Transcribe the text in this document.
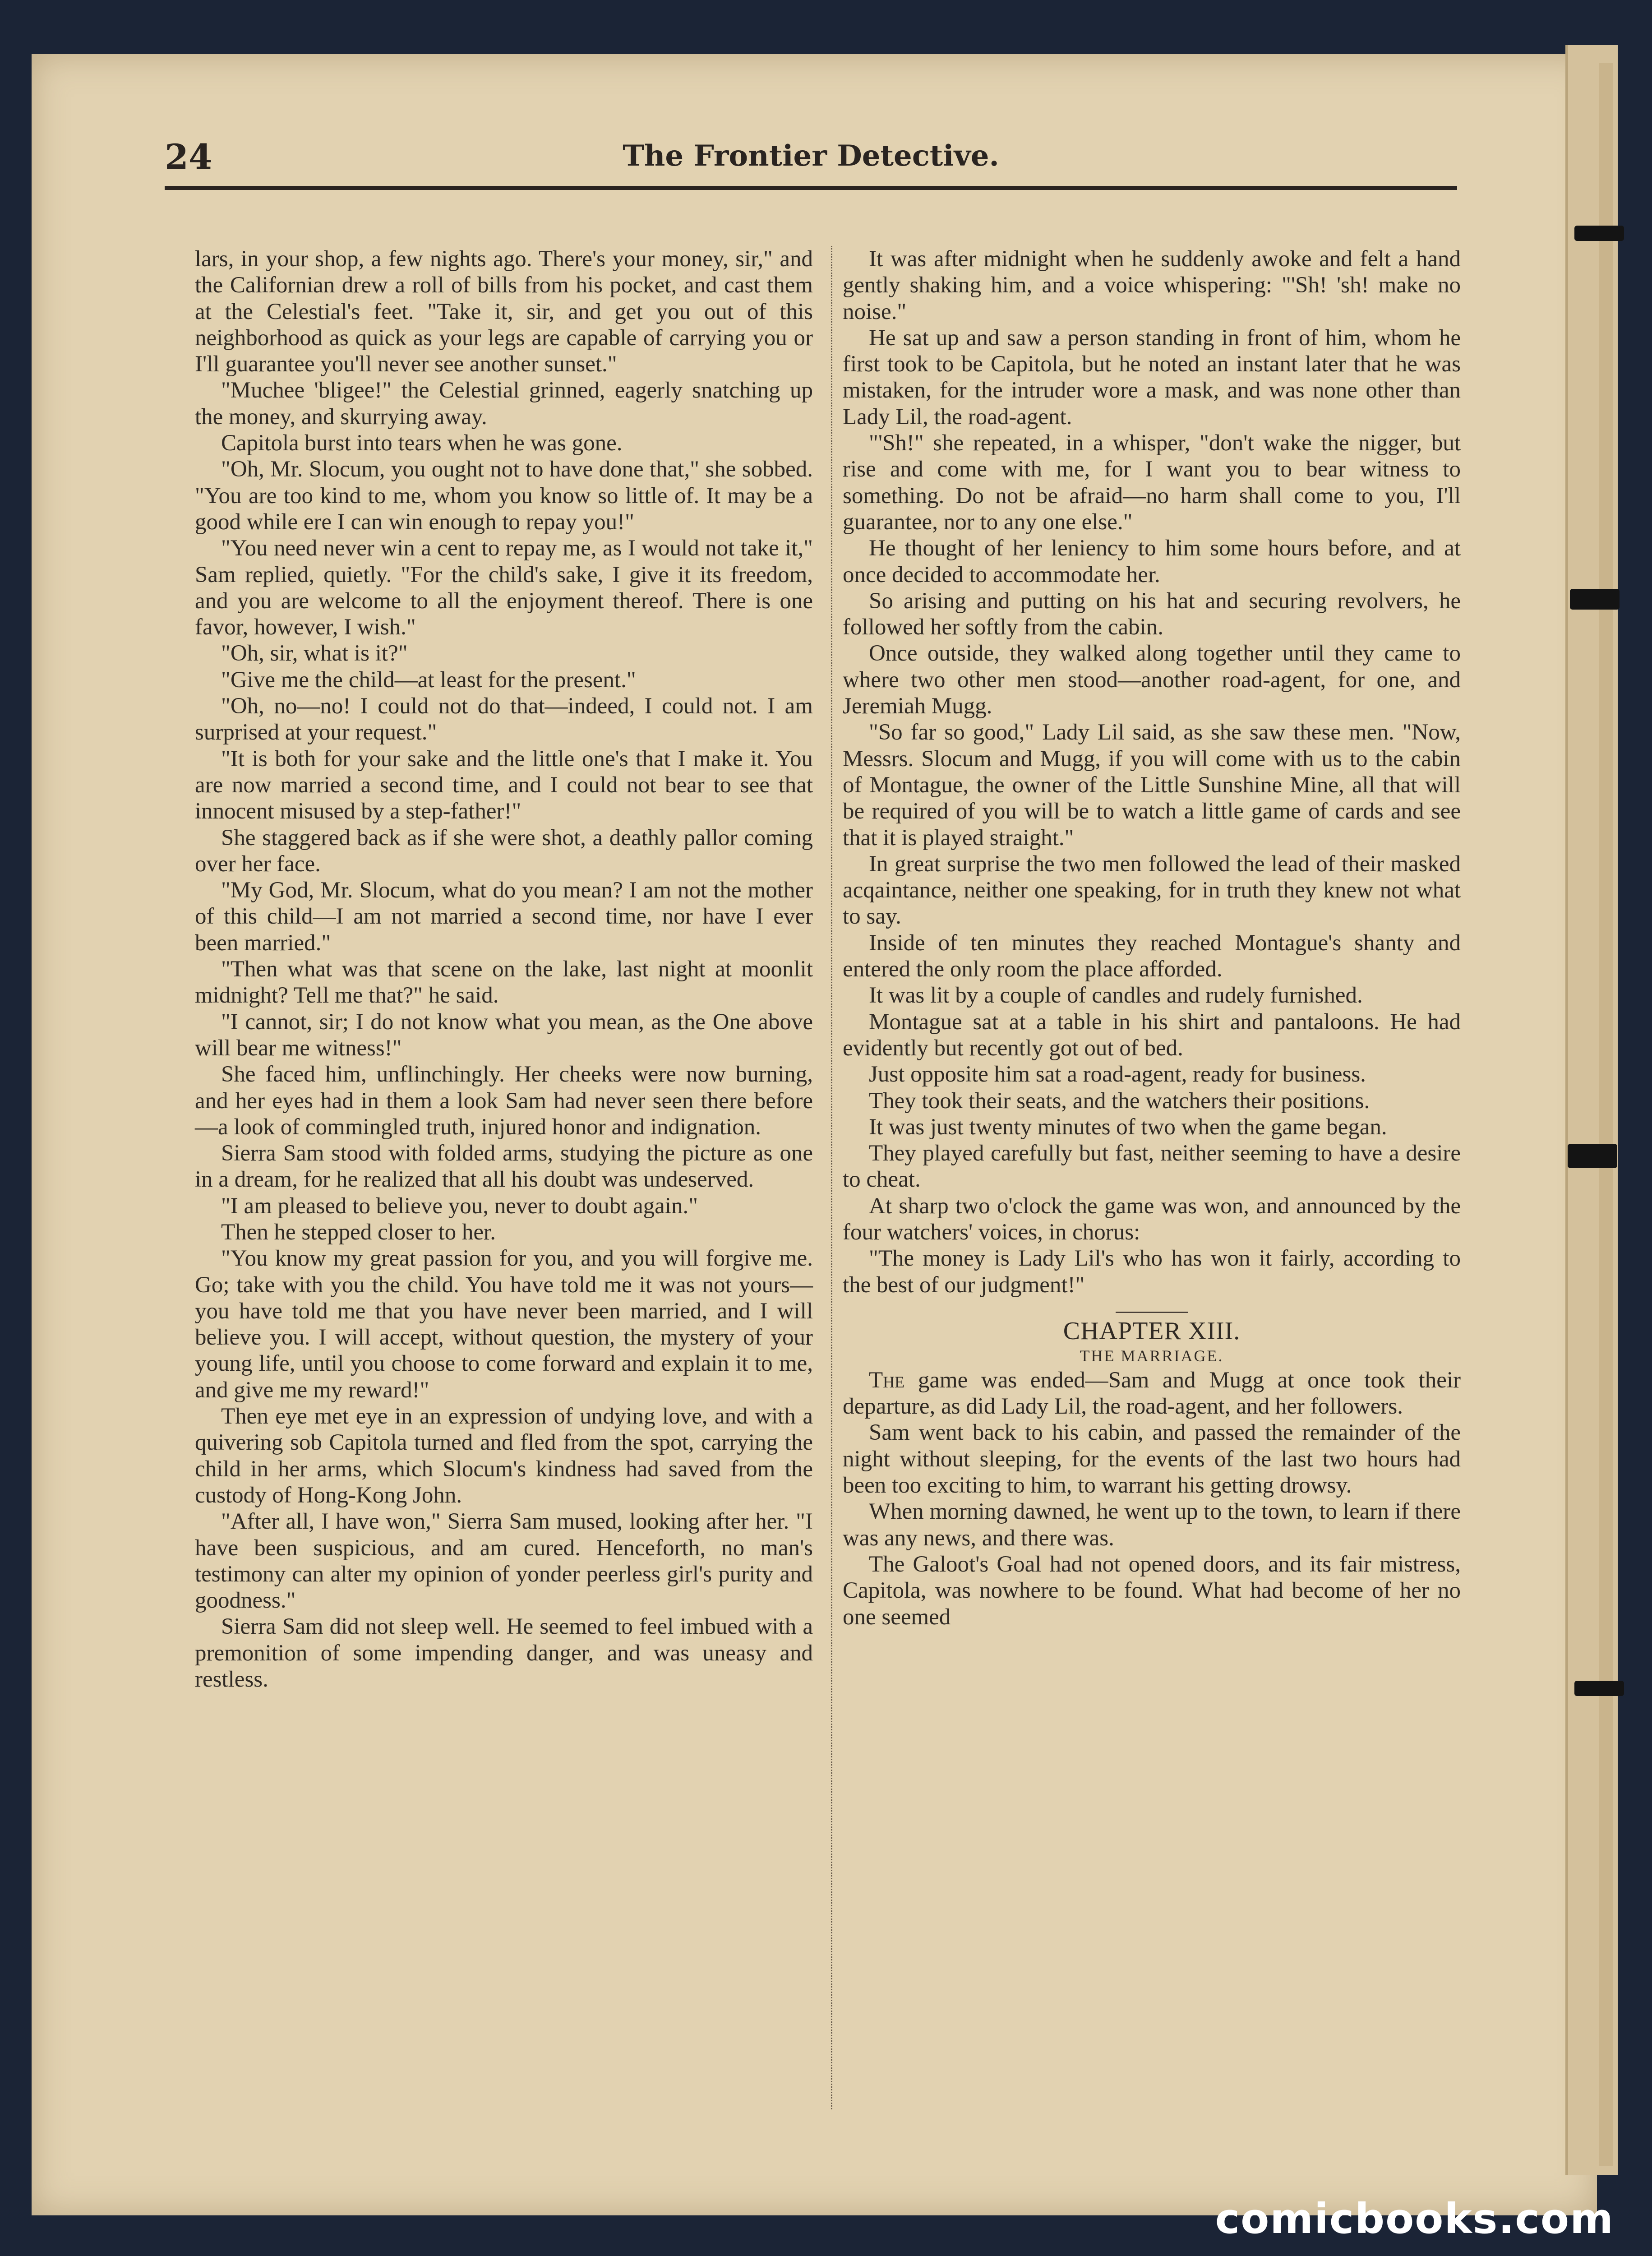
24	The Frontier Detective.

lars, in your shop, a few nights ago. There's your money, sir," and the Californian drew a roll of bills from his pocket, and cast them at the Celestial's feet. "Take it, sir, and get you out of this neighborhood as quick as your legs are capable of carrying you or I'll guarantee you'll never see another sunset."

"Muchee 'bligee!" the Celestial grinned, eagerly snatching up the money, and skurrying away.

Capitola burst into tears when he was gone.

"Oh, Mr. Slocum, you ought not to have done that," she sobbed. "You are too kind to me, whom you know so little of. It may be a good while ere I can win enough to repay you!"

"You need never win a cent to repay me, as I would not take it," Sam replied, quietly. "For the child's sake, I give it its freedom, and you are welcome to all the enjoyment thereof. There is one favor, however, I wish."

"Oh, sir, what is it?"

"Give me the child—at least for the present."

"Oh, no—no! I could not do that—indeed, I could not. I am surprised at your request."

"It is both for your sake and the little one's that I make it. You are now married a second time, and I could not bear to see that innocent misused by a step-father!"

She staggered back as if she were shot, a deathly pallor coming over her face.

"My God, Mr. Slocum, what do you mean? I am not the mother of this child—I am not married a second time, nor have I ever been married."

"Then what was that scene on the lake, last night at moonlit midnight? Tell me that?" he said.

"I cannot, sir; I do not know what you mean, as the One above will bear me witness!"

She faced him, unflinchingly. Her cheeks were now burning, and her eyes had in them a look Sam had never seen there before—a look of commingled truth, injured honor and indignation.

Sierra Sam stood with folded arms, studying the picture as one in a dream, for he realized that all his doubt was undeserved.

"I am pleased to believe you, never to doubt again."

Then he stepped closer to her.

"You know my great passion for you, and you will forgive me. Go; take with you the child. You have told me it was not yours—you have told me that you have never been married, and I will believe you. I will accept, without question, the mystery of your young life, until you choose to come forward and explain it to me, and give me my reward!"

Then eye met eye in an expression of undying love, and with a quivering sob Capitola turned and fled from the spot, carrying the child in her arms, which Slocum's kindness had saved from the custody of Hong-Kong John.

"After all, I have won," Sierra Sam mused, looking after her. "I have been suspicious, and am cured. Henceforth, no man's testimony can alter my opinion of yonder peerless girl's purity and goodness."

Sierra Sam did not sleep well. He seemed to feel imbued with a premonition of some impending danger, and was uneasy and restless.

It was after midnight when he suddenly awoke and felt a hand gently shaking him, and a voice whispering: "'Sh! 'sh! make no noise."

He sat up and saw a person standing in front of him, whom he first took to be Capitola, but he noted an instant later that he was mistaken, for the intruder wore a mask, and was none other than Lady Lil, the road-agent.

"'Sh!" she repeated, in a whisper, "don't wake the nigger, but rise and come with me, for I want you to bear witness to something. Do not be afraid—no harm shall come to you, I'll guarantee, nor to any one else."

He thought of her leniency to him some hours before, and at once decided to accommodate her.

So arising and putting on his hat and securing revolvers, he followed her softly from the cabin.

Once outside, they walked along together until they came to where two other men stood—another road-agent, for one, and Jeremiah Mugg.

"So far so good," Lady Lil said, as she saw these men. "Now, Messrs. Slocum and Mugg, if you will come with us to the cabin of Montague, the owner of the Little Sunshine Mine, all that will be required of you will be to watch a little game of cards and see that it is played straight."

In great surprise the two men followed the lead of their masked acqaintance, neither one speaking, for in truth they knew not what to say.

Inside of ten minutes they reached Montague's shanty and entered the only room the place afforded.

It was lit by a couple of candles and rudely furnished.

Montague sat at a table in his shirt and pantaloons. He had evidently but recently got out of bed.

Just opposite him sat a road-agent, ready for business.

They took their seats, and the watchers their positions.

It was just twenty minutes of two when the game began.

They played carefully but fast, neither seeming to have a desire to cheat.

At sharp two o'clock the game was won, and announced by the four watchers' voices, in chorus:

"The money is Lady Lil's who has won it fairly, according to the best of our judgment!"

CHAPTER XIII.
THE MARRIAGE.

The game was ended—Sam and Mugg at once took their departure, as did Lady Lil, the road-agent, and her followers.

Sam went back to his cabin, and passed the remainder of the night without sleeping, for the events of the last two hours had been too exciting to him, to warrant his getting drowsy.

When morning dawned, he went up to the town, to learn if there was any news, and there was.

The Galoot's Goal had not opened doors, and its fair mistress, Capitola, was nowhere to be found. What had become of her no one seemed

comicbooks.com
